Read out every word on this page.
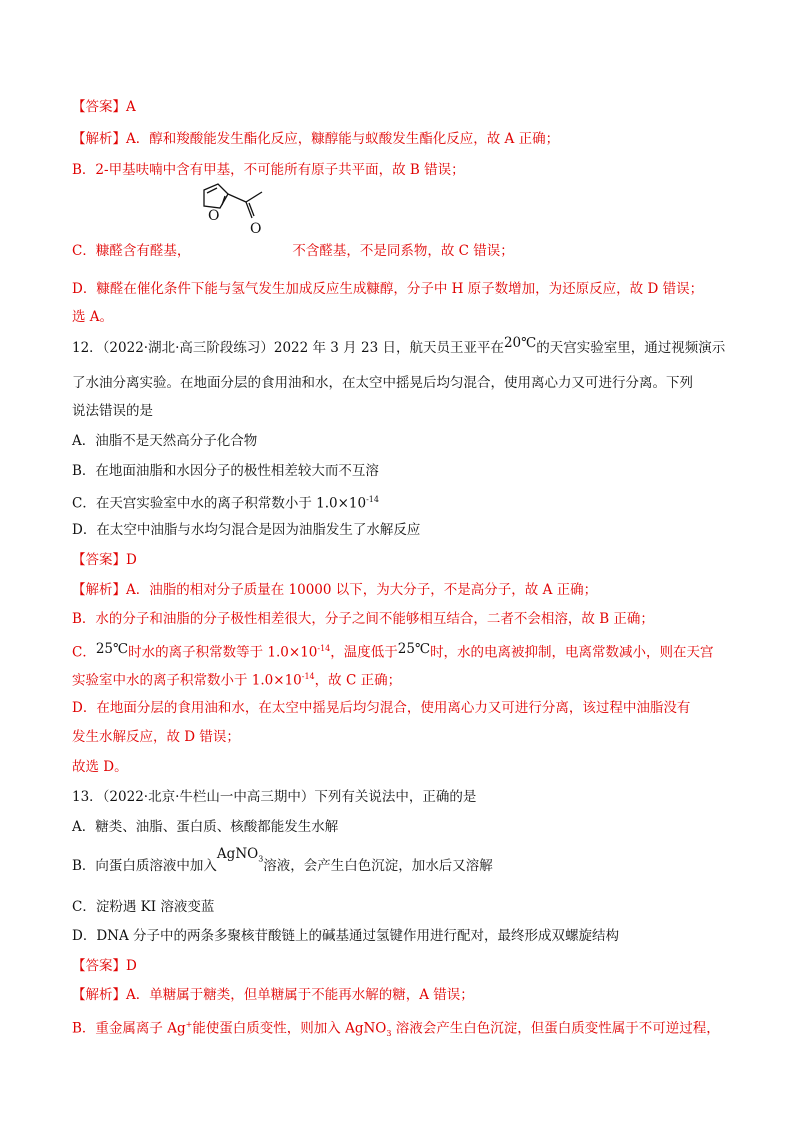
【答案】A
【解析】A．醇和羧酸能发生酯化反应，糠醇能与蚁酸发生酯化反应，故 A 正确；
B．2-甲基呋喃中含有甲基，不可能所有原子共平面，故 B 错误；
O
O
C．糠醛含有醛基，	不含醛基，不是同系物，故 C 错误；
D．糠醛在催化条件下能与氢气发生加成反应生成糠醇，分子中 H 原子数增加，为还原反应，故 D 错误；
选 A。
12．（2022·湖北·高三阶段练习）2022 年 3 月 23 日，航天员王亚平在20℃的天宫实验室里，通过视频演示
了水油分离实验。在地面分层的食用油和水，在太空中摇晃后均匀混合，使用离心力又可进行分离。下列
说法错误的是
A．油脂不是天然高分子化合物
B．在地面油脂和水因分子的极性相差较大而不互溶
C．在天宫实验室中水的离子积常数小于 $1.0\times 10^{-14}$
D．在太空中油脂与水均匀混合是因为油脂发生了水解反应
【答案】D
【解析】A．油脂的相对分子质量在 10000 以下，为大分子，不是高分子，故 A 正确；
B．水的分子和油脂的分子极性相差很大，分子之间不能够相互结合，二者不会相溶，故 B 正确；
C．25℃时水的离子积常数等于 $1.0\times 10^{-14}$，温度低于25℃时，水的电离被抑制，电离常数减小，则在天宫
实验室中水的离子积常数小于 $1.0\times 10^{-14}$，故 C 正确；
D．在地面分层的食用油和水，在太空中摇晃后均匀混合，使用离心力又可进行分离，该过程中油脂没有
发生水解反应，故 D 错误；
故选 D。
13．（2022·北京·牛栏山一中高三期中）下列有关说法中，正确的是
A．糖类、油脂、蛋白质、核酸都能发生水解
B．向蛋白质溶液中加入AgNO$_3$溶液，会产生白色沉淀，加水后又溶解
C．淀粉遇 KI 溶液变蓝
D．DNA 分子中的两条多聚核苷酸链上的碱基通过氢键作用进行配对，最终形成双螺旋结构
【答案】D
【解析】A．单糖属于糖类，但单糖属于不能再水解的糖，A 错误；
B．重金属离子 Ag+能使蛋白质变性，则加入 AgNO$_3$ 溶液会产生白色沉淀，但蛋白质变性属于不可逆过程，
